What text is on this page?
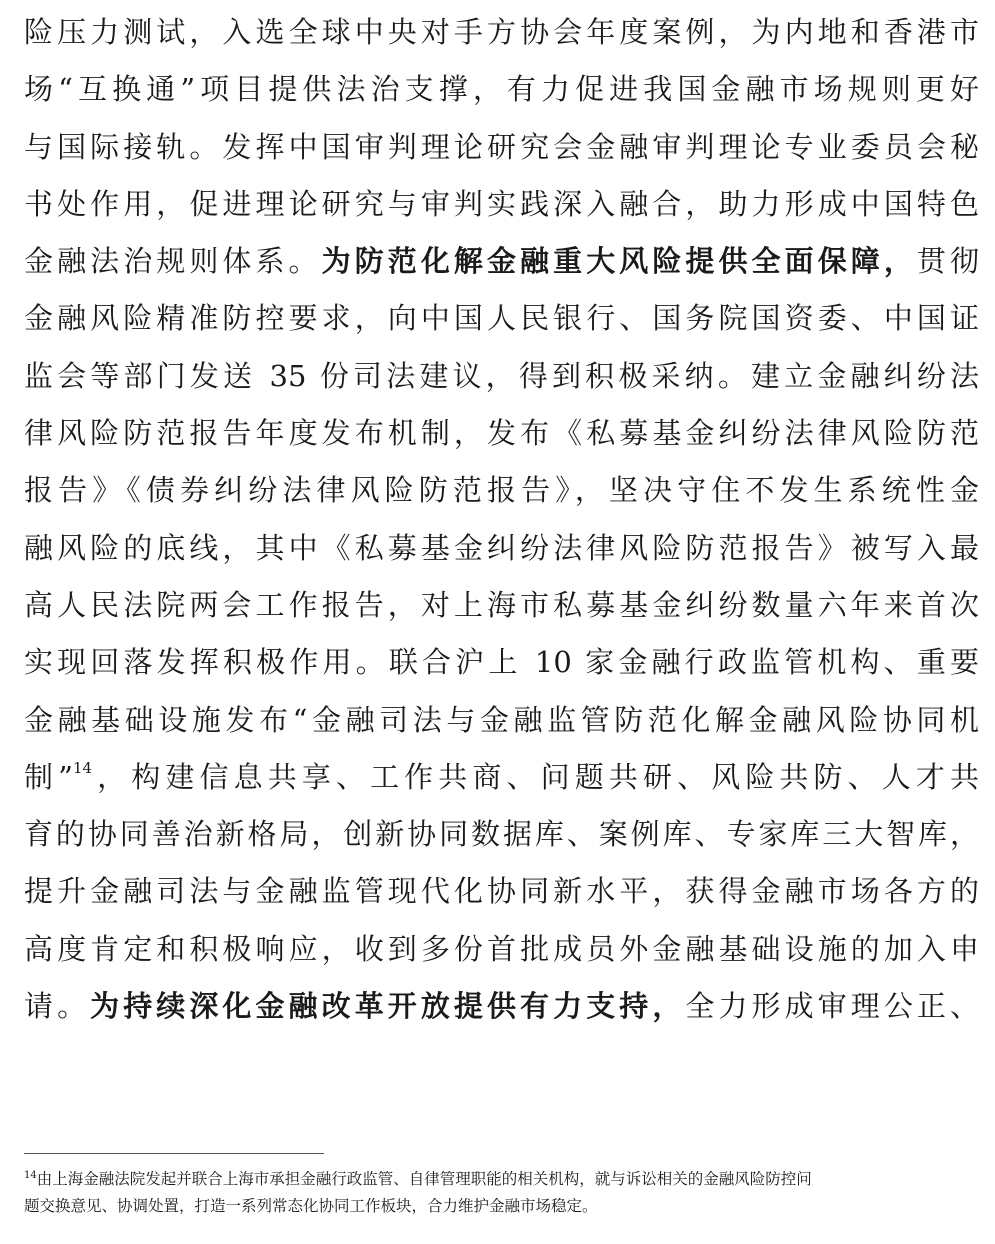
险压力测试，入选全球中央对手方协会年度案例，为内地和香港市
场“互换通”项目提供法治支撑，有力促进我国金融市场规则更好
与国际接轨。发挥中国审判理论研究会金融审判理论专业委员会秘
书处作用，促进理论研究与审判实践深入融合，助力形成中国特色
金融法治规则体系。为防范化解金融重大风险提供全面保障，贯彻
金融风险精准防控要求，向中国人民银行、国务院国资委、中国证
监会等部门发送 35 份司法建议，得到积极采纳。建立金融纠纷法
律风险防范报告年度发布机制，发布《私募基金纠纷法律风险防范
报告》《债券纠纷法律风险防范报告》，坚决守住不发生系统性金
融风险的底线，其中《私募基金纠纷法律风险防范报告》被写入最
高人民法院两会工作报告，对上海市私募基金纠纷数量六年来首次
实现回落发挥积极作用。联合沪上 10 家金融行政监管机构、重要
金融基础设施发布“金融司法与金融监管防范化解金融风险协同机
制”$^{14}$，构建信息共享、工作共商、问题共研、风险共防、人才共
育的协同善治新格局，创新协同数据库、案例库、专家库三大智库，
提升金融司法与金融监管现代化协同新水平，获得金融市场各方的
高度肯定和积极响应，收到多份首批成员外金融基础设施的加入申
请。为持续深化金融改革开放提供有力支持，全力形成审理公正、
$^{14}$由上海金融法院发起并联合上海市承担金融行政监管、自律管理职能的相关机构，就与诉讼相关的金融风险防控问
题交换意见、协调处置，打造一系列常态化协同工作板块，合力维护金融市场稳定。
